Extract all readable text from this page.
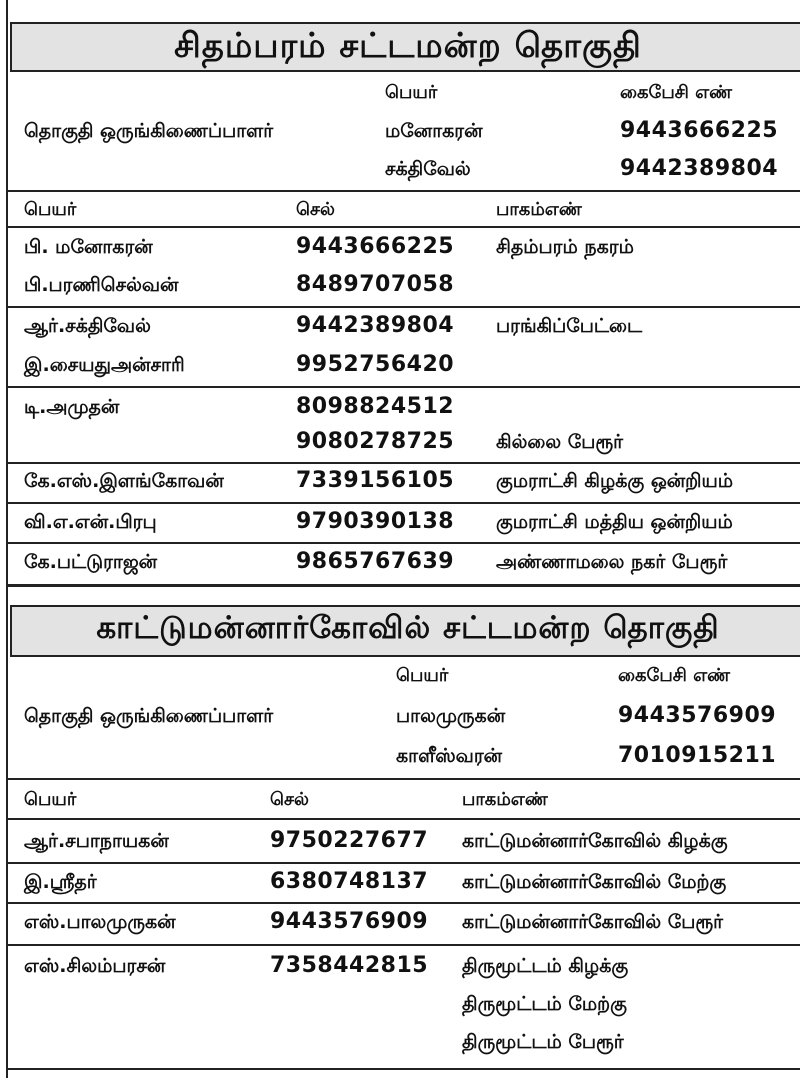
சிதம்பரம் சட்டமன்ற தொகுதி
பெயர்	கைபேசி எண்
தொகுதி ஒருங்கிணைப்பாளர்	மனோகரன்	9443666225
சக்திவேல்	9442389804
பெயர்	செல்	பாகம்எண்
பி. மனோகரன்	9443666225 சிதம்பரம் நகரம்
பி.பரணிசெல்வன்	8489707058
ஆர்.சக்திவேல்	9442389804 பரங்கிப்பேட்டை
இ.சையதுஅன்சாரி	9952756420
டி.அமுதன்	8098824512
9080278725 கில்லை பேரூர்
கே.எஸ்.இளங்கோவன்	7339156105 குமராட்சி கிழக்கு ஒன்றியம்
வி.எ.என்.பிரபு	9790390138 குமராட்சி மத்திய ஒன்றியம்
கே.பட்டுராஜன்	9865767639 அண்ணாமலை நகர் பேரூர்
காட்டுமன்னார்கோவில் சட்டமன்ற தொகுதி
பெயர்	கைபேசி எண்
தொகுதி ஒருங்கிணைப்பாளர்	பாலமுருகன்	9443576909
காளீஸ்வரன்	7010915211
பெயர்	செல்	பாகம்எண்
ஆர்.சபாநாயகன்	9750227677 காட்டுமன்னார்கோவில் கிழக்கு
இ.ஸ்ரீதர்	6380748137 காட்டுமன்னார்கோவில் மேற்கு
எஸ்.பாலமுருகன்	9443576909 காட்டுமன்னார்கோவில் பேரூர்
எஸ்.சிலம்பரசன்	7358442815 திருமூட்டம் கிழக்கு
திருமூட்டம் மேற்கு
திருமூட்டம் பேரூர்
